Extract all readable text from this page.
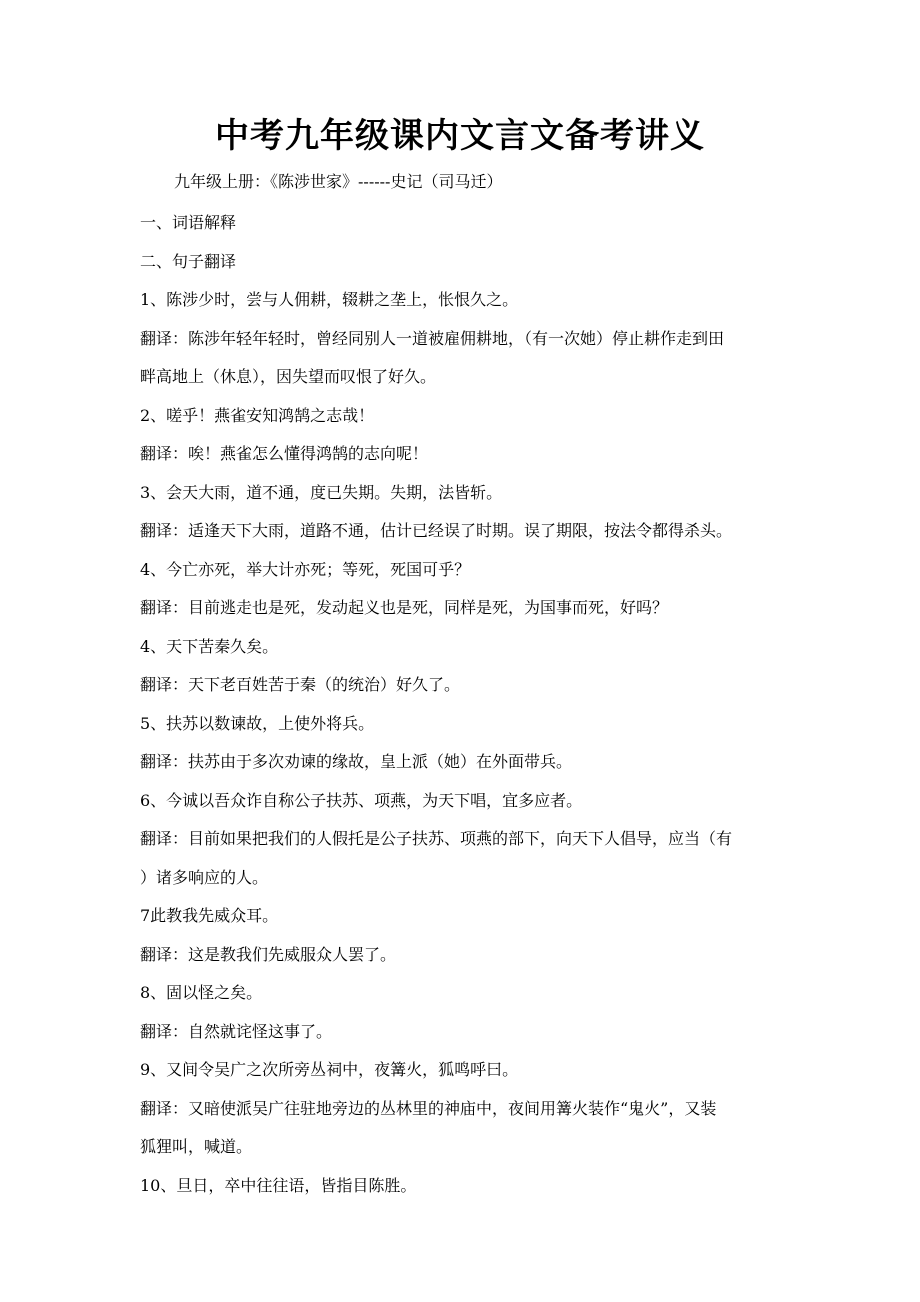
中考九年级课内文言文备考讲义
九年级上册：《陈涉世家》------史记（司马迁）
一、词语解释
二、句子翻译
1、陈涉少时，尝与人佣耕，辍耕之垄上，怅恨久之。
翻译：陈涉年轻年轻时，曾经同别人一道被雇佣耕地，（有一次她）停止耕作走到田
畔高地上（休息），因失望而叹恨了好久。
2、嗟乎！燕雀安知鸿鹄之志哉！
翻译：唉！燕雀怎么懂得鸿鹄的志向呢！
3、会天大雨，道不通，度已失期。失期，法皆斩。
翻译：适逢天下大雨，道路不通，估计已经误了时期。误了期限，按法令都得杀头。
4、今亡亦死，举大计亦死；等死，死国可乎？
翻译：目前逃走也是死，发动起义也是死，同样是死，为国事而死，好吗？
4、天下苦秦久矣。
翻译：天下老百姓苦于秦（的统治）好久了。
5、扶苏以数谏故，上使外将兵。
翻译：扶苏由于多次劝谏的缘故，皇上派（她）在外面带兵。
6、今诚以吾众诈自称公子扶苏、项燕，为天下唱，宜多应者。
翻译：目前如果把我们的人假托是公子扶苏、项燕的部下，向天下人倡导，应当（有
）诸多响应的人。
7此教我先威众耳。
翻译：这是教我们先威服众人罢了。
8、固以怪之矣。
翻译：自然就诧怪这事了。
9、又间令吴广之次所旁丛祠中，夜篝火，狐鸣呼曰。
翻译：又暗使派吴广往驻地旁边的丛林里的神庙中，夜间用篝火装作“鬼火”，又装
狐狸叫，喊道。
10、旦日，卒中往往语，皆指目陈胜。
